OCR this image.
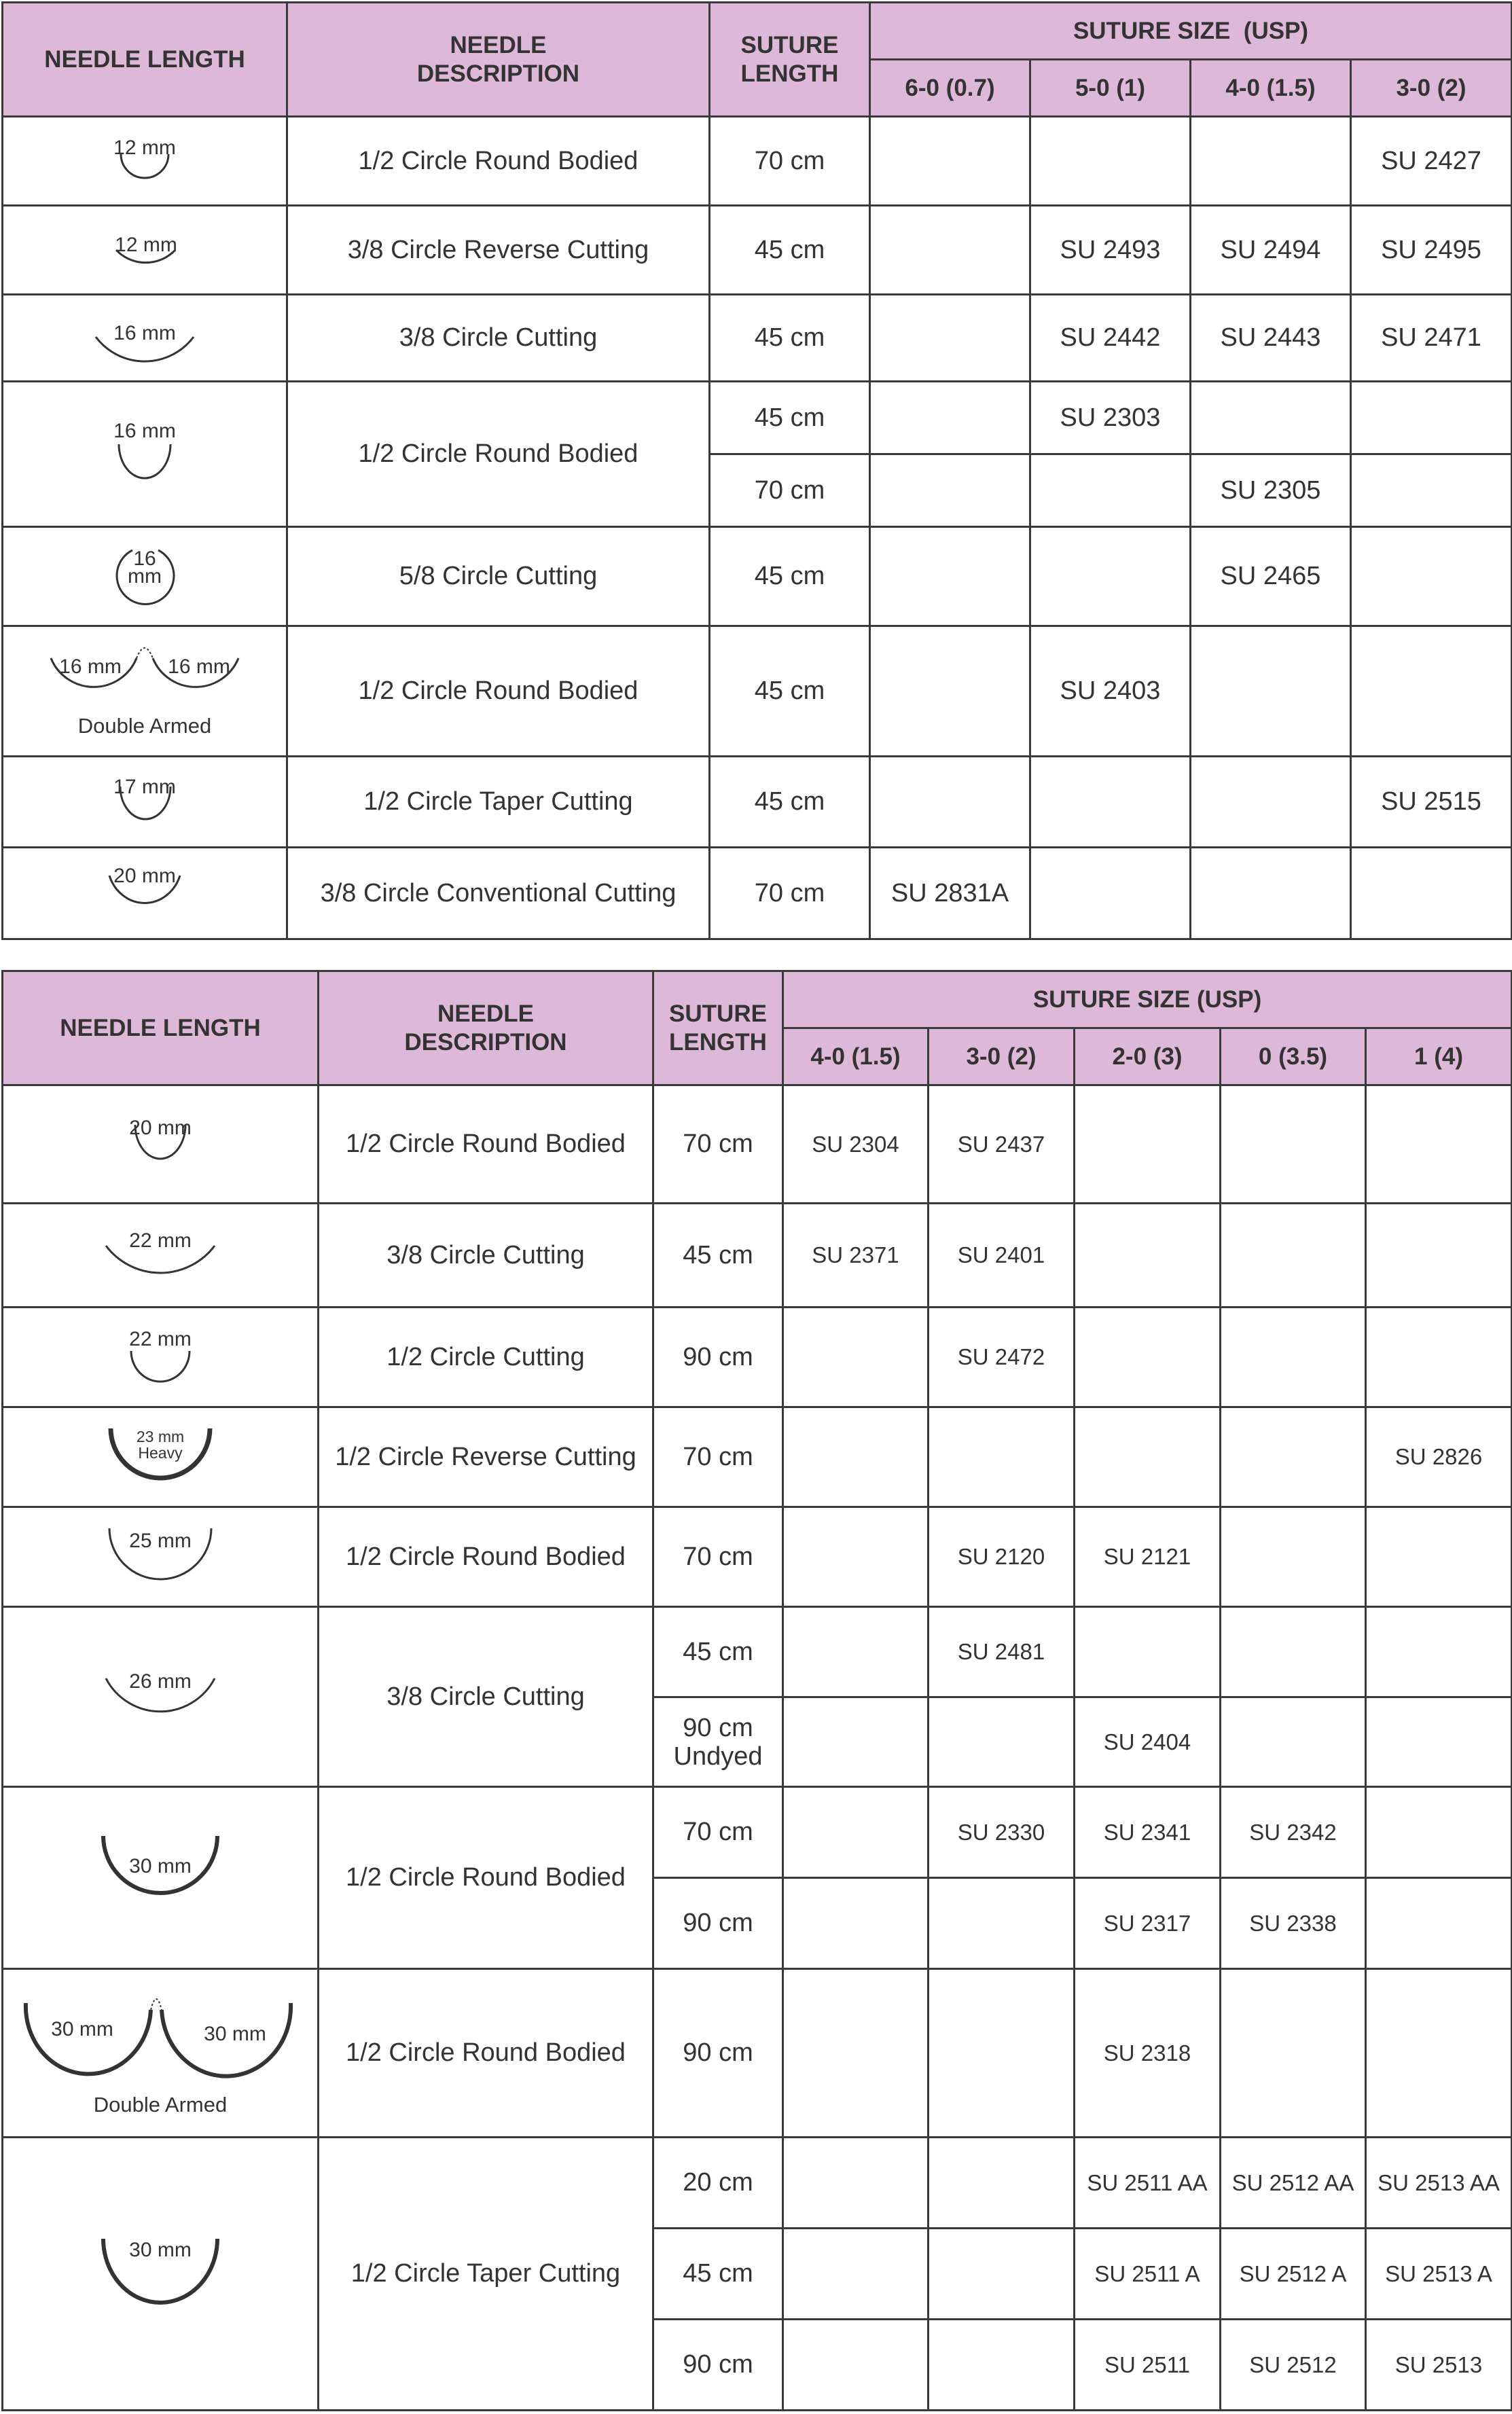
NEEDLE LENGTH	NEEDLE DESCRIPTION	SUTURE LENGTH	SUTURE SIZE  (USP)			
			6-0 (0.7)	5-0 (1)	4-0 (1.5)	3-0 (2)

12 mm	1/2 Circle Round Bodied	70 cm				SU 2427

12 mm	3/8 Circle Reverse Cutting	45 cm		SU 2493	SU 2494	SU 2495

16 mm	3/8 Circle Cutting	45 cm		SU 2442	SU 2443	SU 2471

16 mm	1/2 Circle Round Bodied	45 cm		SU 2303		
		70 cm			SU 2305	

16
mm	5/8 Circle Cutting	45 cm			SU 2465	

16 mm 16 mm
Double Armed	1/2 Circle Round Bodied	45 cm		SU 2403		

17 mm	1/2 Circle Taper Cutting	45 cm				SU 2515

20 mm	3/8 Circle Conventional Cutting	70 cm	SU 2831A			
NEEDLE LENGTH	NEEDLE DESCRIPTION	SUTURE LENGTH	SUTURE SIZE (USP)				
			4-0 (1.5)	3-0 (2)	2-0 (3)	0 (3.5)	1 (4)

20 mm	1/2 Circle Round Bodied	70 cm	SU 2304	SU 2437			

22 mm	3/8 Circle Cutting	45 cm	SU 2371	SU 2401			

22 mm	1/2 Circle Cutting	90 cm		SU 2472			

23 mm
Heavy	1/2 Circle Reverse Cutting	70 cm					SU 2826

25 mm	1/2 Circle Round Bodied	70 cm		SU 2120	SU 2121		

26 mm	3/8 Circle Cutting	45 cm		SU 2481			

		90 cm
Undyed			SU 2404		

30 mm	1/2 Circle Round Bodied	70 cm		SU 2330	SU 2341	SU 2342	
		90 cm			SU 2317	SU 2338	

30 mm 30 mm
Double Armed	1/2 Circle Round Bodied	90 cm			SU 2318		

30 mm	1/2 Circle Taper Cutting	20 cm			SU 2511 AA	SU 2512 AA	SU 2513 AA
		45 cm			SU 2511 A	SU 2512 A	SU 2513 A
		90 cm			SU 2511	SU 2512	SU 2513
